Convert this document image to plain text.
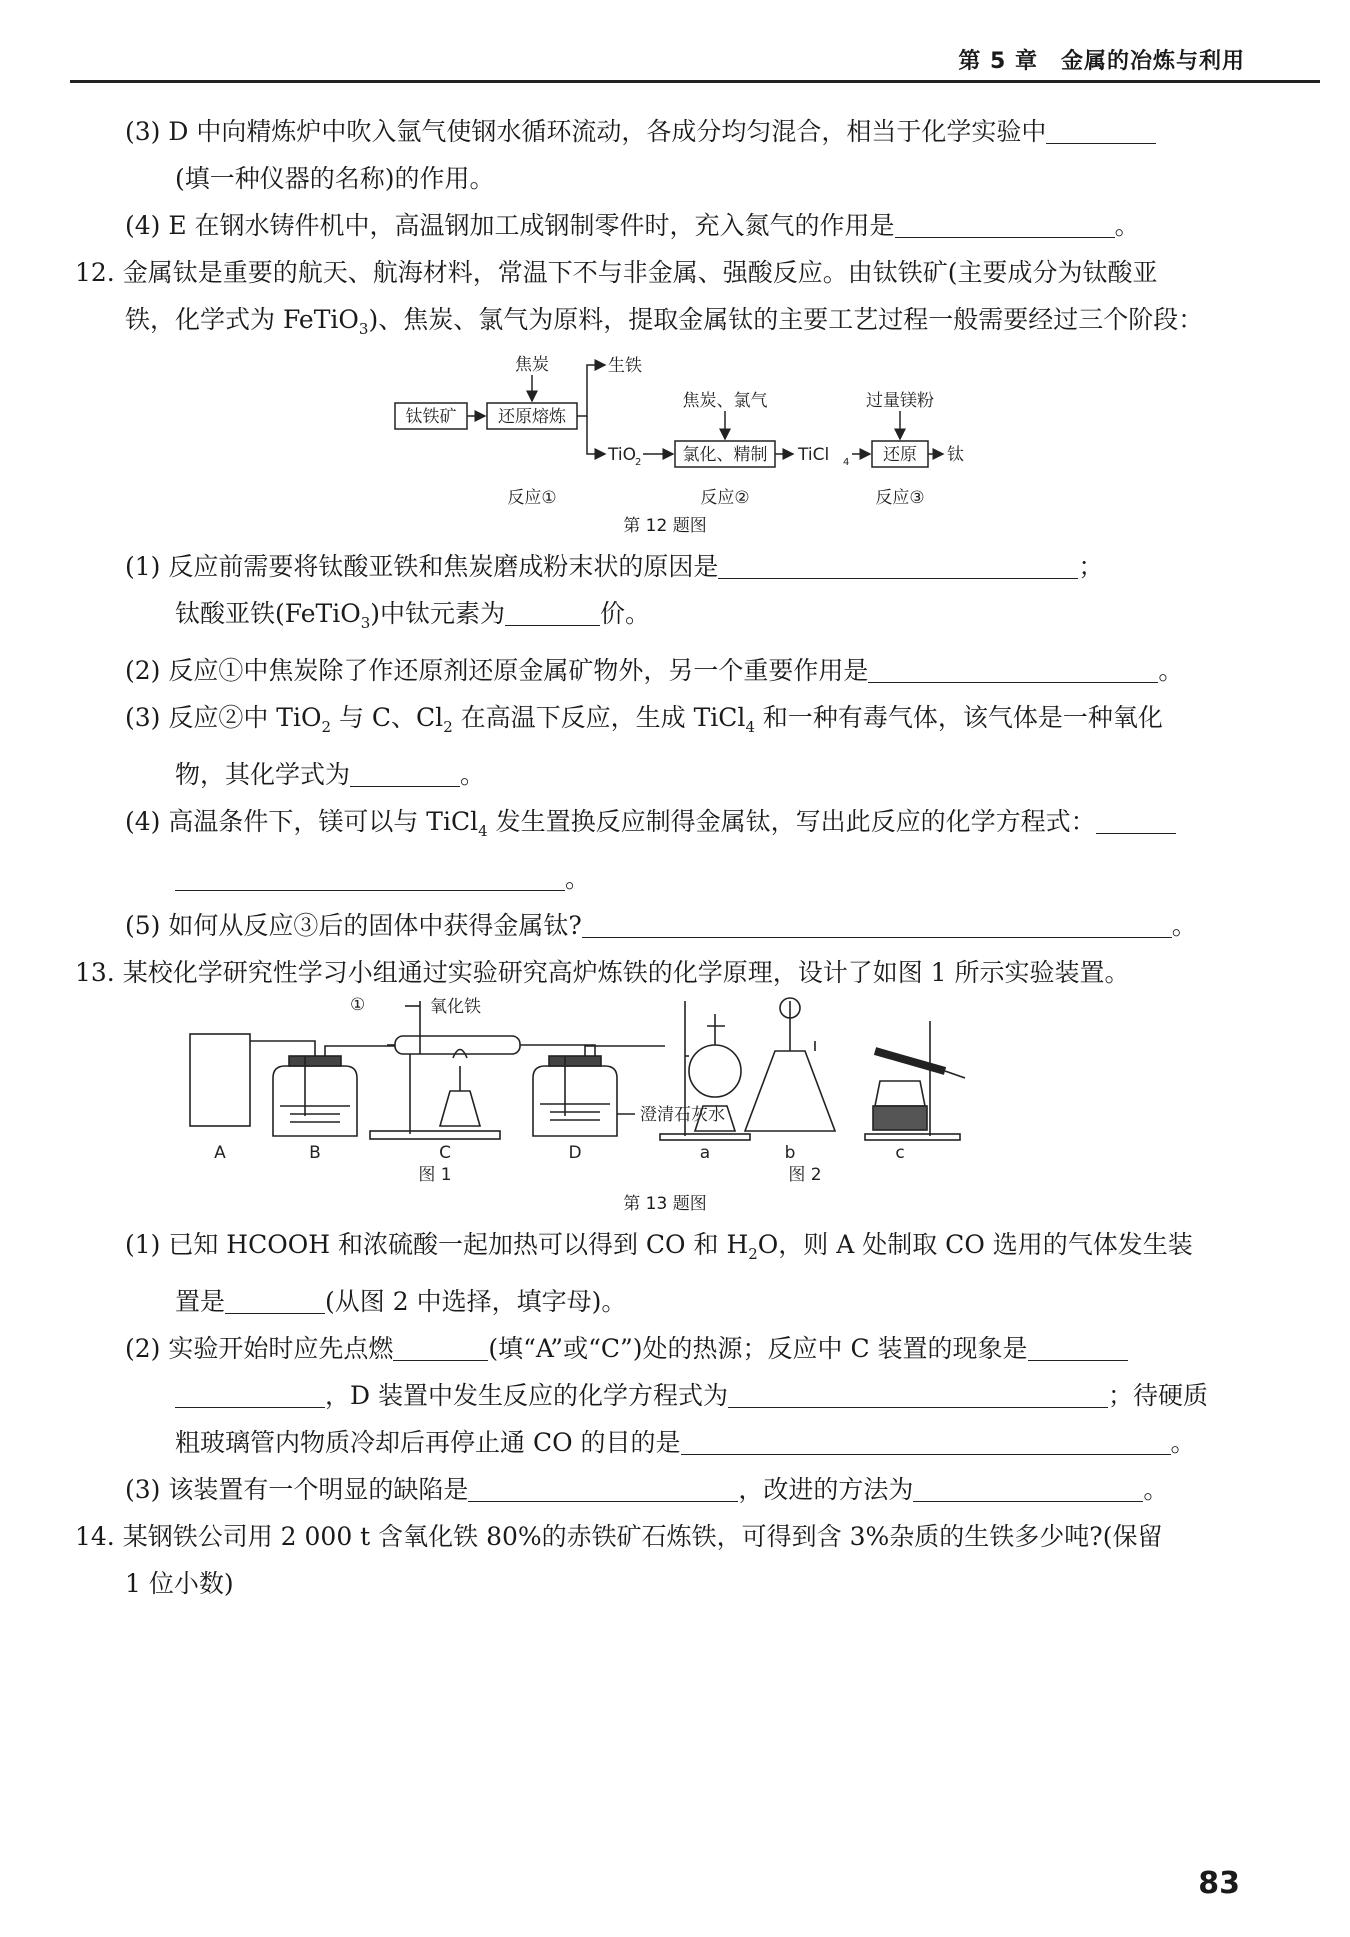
第 5 章　金属的冶炼与利用
(3) D 中向精炼炉中吹入氩气使钢水循环流动，各成分均匀混合，相当于化学实验中
(填一种仪器的名称)的作用。
(4) E 在钢水铸件机中，高温钢加工成钢制零件时，充入氮气的作用是	。
12. 金属钛是重要的航天、航海材料，常温下不与非金属、强酸反应。由钛铁矿(主要成分为钛酸亚
铁，化学式为 FeTiO$_3$)、焦炭、氯气为原料，提取金属钛的主要工艺过程一般需要经过三个阶段：
钛铁矿 还原熔炼
焦炭	生铁
TiO 2
焦炭、氯气
氯化、精制 TiCl 4
过量镁粉
还原 钛
反应①	反应②	反应③
第 12 题图
(1) 反应前需要将钛酸亚铁和焦炭磨成粉末状的原因是	；
钛酸亚铁(FeTiO$_3$)中钛元素为	价。
(2) 反应①中焦炭除了作还原剂还原金属矿物外，另一个重要作用是	。
(3) 反应②中 TiO$_2$ 与 C、$Cl_2$ 在高温下反应，生成 TiCl$_4$ 和一种有毒气体，该气体是一种氧化
物，其化学式为	。
(4) 高温条件下，镁可以与 TiCl$_4$ 发生置换反应制得金属钛，写出此反应的化学方程式：
。
(5) 如何从反应③后的固体中获得金属钛?	。
13. 某校化学研究性学习小组通过实验研究高炉炼铁的化学原理，设计了如图 1 所示实验装置。
①	氧化铁
澄清石灰水
A	B	C	D
图 1
a	b	c
图 2
第 13 题图
(1) 已知 HCOOH 和浓硫酸一起加热可以得到 CO 和 $H_2O$，则 A 处制取 CO 选用的气体发生装
置是	(从图 2 中选择，填字母)。
(2) 实验开始时应先点燃	(填“A”或“C”)处的热源；反应中 C 装置的现象是
，D 装置中发生反应的化学方程式为	；待硬质
粗玻璃管内物质冷却后再停止通 CO 的目的是	。
(3) 该装置有一个明显的缺陷是	，改进的方法为	。
14. 某钢铁公司用 2 000 t 含氧化铁 80%的赤铁矿石炼铁，可得到含 3%杂质的生铁多少吨?(保留
1 位小数)
83
